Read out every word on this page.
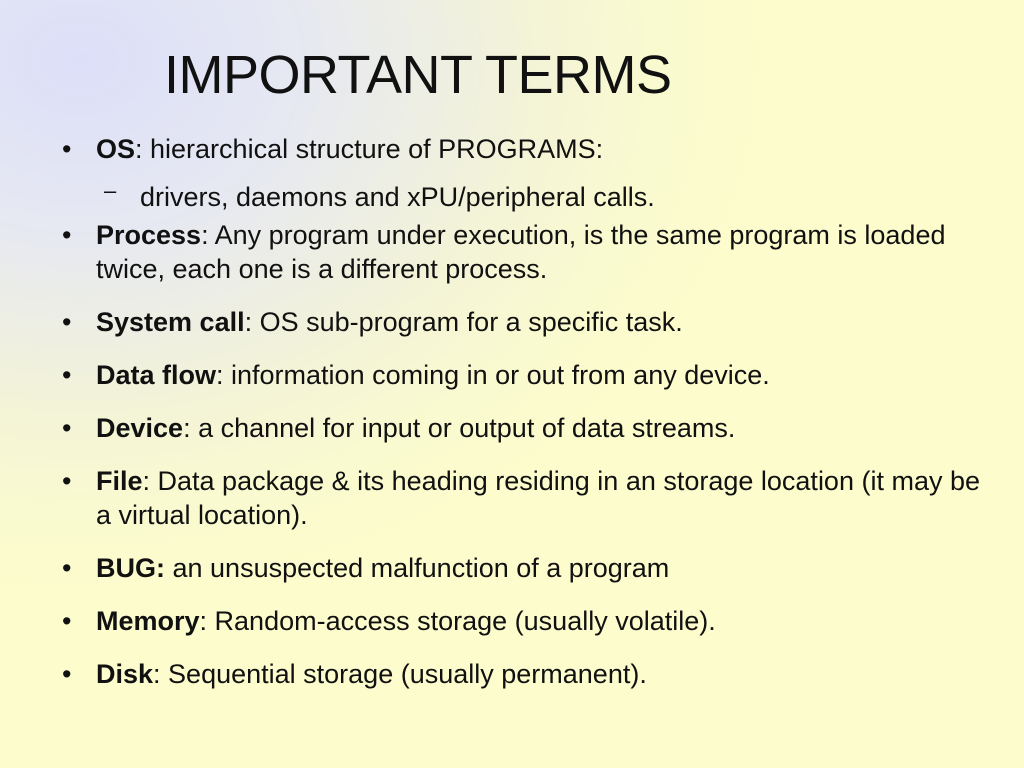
IMPORTANT TERMS
• OS: hierarchical structure of PROGRAMS:
– drivers, daemons and xPU/peripheral calls.
• Process: Any program under execution, is the same program is loaded twice, each one is a different process.
• System call: OS sub-program for a specific task.
• Data flow: information coming in or out from any device.
• Device: a channel for input or output of data streams.
• File: Data package & its heading residing in an storage location (it may be a virtual location).
• BUG: an unsuspected malfunction of a program
• Memory: Random-access storage (usually volatile).
• Disk: Sequential storage (usually permanent).
